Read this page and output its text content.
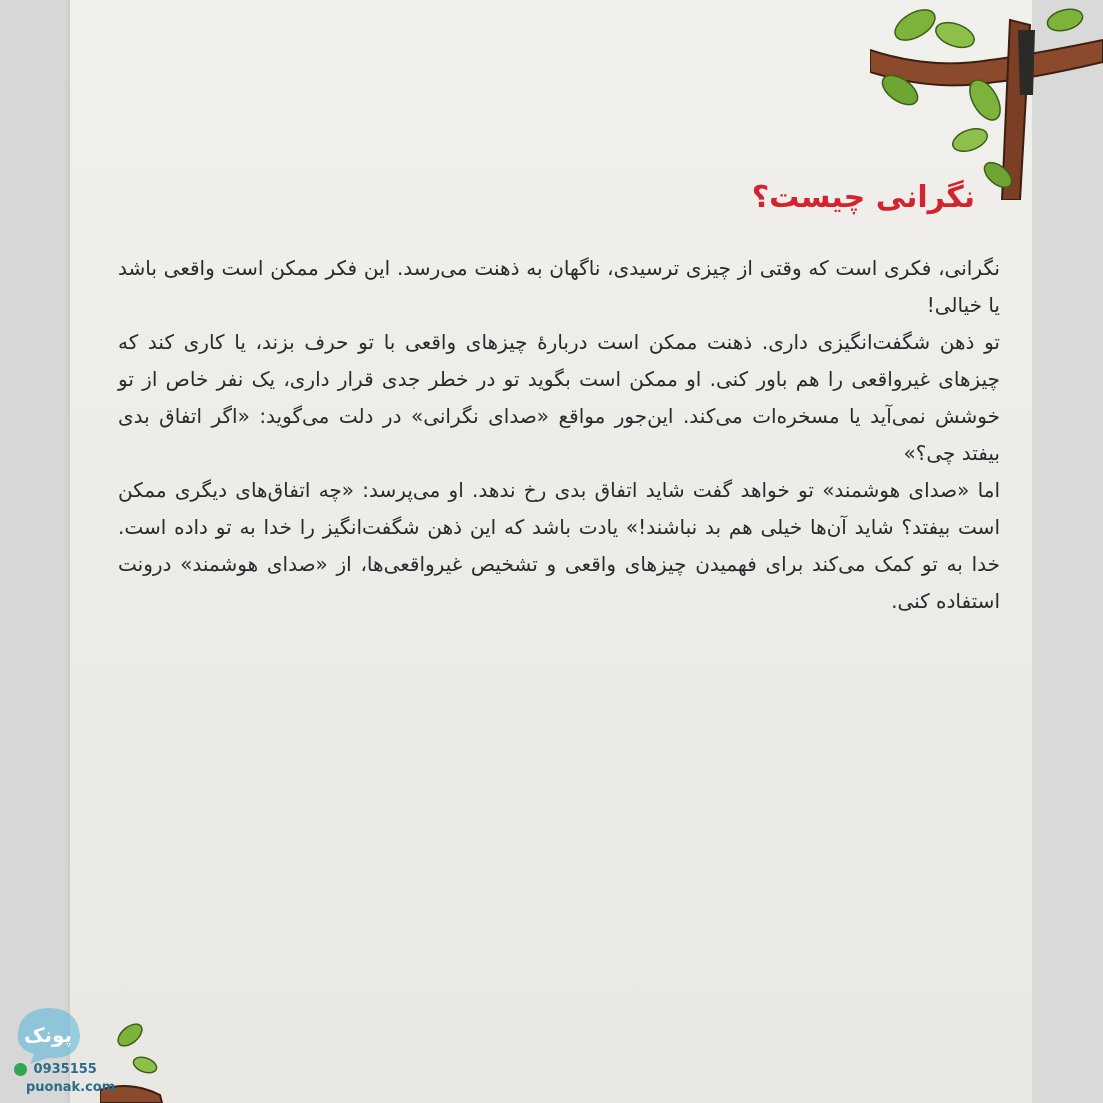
نگرانی چیست؟

نگرانی، فکری است که وقتی از چیزی ترسیدی، ناگهان به ذهنت می‌رسد. این فکر ممکن است واقعی باشد یا خیالی!

تو ذهن شگفت‌انگیزی داری. ذهنت ممکن است دربارهٔ چیزهای واقعی با تو حرف بزند، یا کاری کند که چیزهای غیرواقعی را هم باور کنی. او ممکن است بگوید تو در خطر جدی قرار داری، یک نفر خاص از تو خوشش نمی‌آید یا مسخره‌ات می‌کند. این‌جور مواقع «صدای نگرانی» در دلت می‌گوید: «اگر اتفاق بدی بیفتد چی؟»

اما «صدای هوشمند» تو خواهد گفت شاید اتفاق بدی رخ ندهد. او می‌پرسد: «چه اتفاق‌های دیگری ممکن است بیفتد؟ شاید آن‌ها خیلی هم بد نباشند!» یادت باشد که این ذهن شگفت‌انگیز را خدا به تو داده است. خدا به تو کمک می‌کند برای فهمیدن چیزهای واقعی و تشخیص غیرواقعی‌ها، از «صدای هوشمند» درونت استفاده کنی.

پونک
0935155
puonak.com
